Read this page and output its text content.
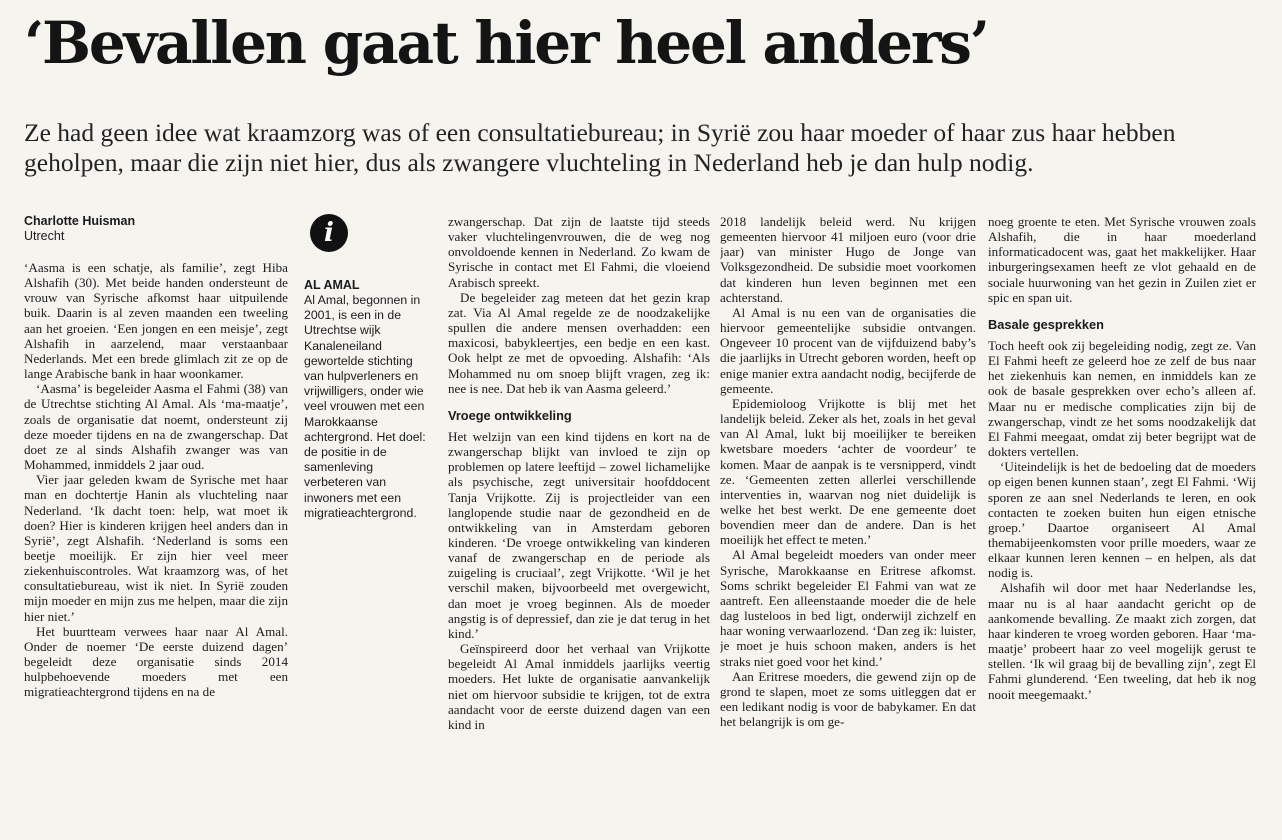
‘Bevallen gaat hier heel anders’

Ze had geen idee wat kraamzorg was of een consultatiebureau; in Syrië zou haar moeder of haar zus haar hebben geholpen, maar die zijn niet hier, dus als zwangere vluchteling in Nederland heb je dan hulp nodig.

Charlotte Huisman
Utrecht

‘Aasma is een schatje, als familie’, zegt Hiba Alshafih (30). Met beide handen ondersteunt de vrouw van Syrische afkomst haar uitpuilende buik. Daarin is al zeven maanden een tweeling aan het groeien. ‘Een jongen en een meisje’, zegt Alshafih in aarzelend, maar verstaanbaar Nederlands. Met een brede glimlach zit ze op de lange Arabische bank in haar woonkamer.

‘Aasma’ is begeleider Aasma el Fahmi (38) van de Utrechtse stichting Al Amal. Als ‘ma-maatje’, zoals de organisatie dat noemt, ondersteunt zij deze moeder tijdens en na de zwangerschap. Dat doet ze al sinds Alshafih zwanger was van Mohammed, inmiddels 2 jaar oud.

Vier jaar geleden kwam de Syrische met haar man en dochtertje Hanin als vluchteling naar Nederland. ‘Ik dacht toen: help, wat moet ik doen? Hier is kinderen krijgen heel anders dan in Syrië’, zegt Alshafih. ‘Nederland is soms een beetje moeilijk. Er zijn hier veel meer ziekenhuiscontroles. Wat kraamzorg was, of het consultatiebureau, wist ik niet. In Syrië zouden mijn moeder en mijn zus me helpen, maar die zijn hier niet.’

Het buurtteam verwees haar naar Al Amal. Onder de noemer ‘De eerste duizend dagen’ begeleidt deze organisatie sinds 2014 hulpbehoevende moeders met een migratieachtergrond tijdens en na de

i
AL AMAL

Al Amal, begonnen in 2001, is een in de Utrechtse wijk Kanaleneiland gewortelde stichting van hulpverleners en vrijwilligers, onder wie veel vrouwen met een Marokkaanse achtergrond. Het doel: de positie in de samenleving verbeteren van inwoners met een migratieachtergrond.

zwangerschap. Dat zijn de laatste tijd steeds vaker vluchtelingenvrouwen, die de weg nog onvoldoende kennen in Nederland. Zo kwam de Syrische in contact met El Fahmi, die vloeiend Arabisch spreekt.

De begeleider zag meteen dat het gezin krap zat. Via Al Amal regelde ze de noodzakelijke spullen die andere mensen overhadden: een maxicosi, babykleertjes, een bedje en een kast. Ook helpt ze met de opvoeding. Alshafih: ‘Als Mohammed nu om snoep blijft vragen, zeg ik: nee is nee. Dat heb ik van Aasma geleerd.’

Vroege ontwikkeling

Het welzijn van een kind tijdens en kort na de zwangerschap blijkt van invloed te zijn op problemen op latere leeftijd – zowel lichamelijke als psychische, zegt universitair hoofddocent Tanja Vrijkotte. Zij is projectleider van een langlopende studie naar de gezondheid en de ontwikkeling van in Amsterdam geboren kinderen. ‘De vroege ontwikkeling van kinderen vanaf de zwangerschap en de periode als zuigeling is cruciaal’, zegt Vrijkotte. ‘Wil je het verschil maken, bijvoorbeeld met overgewicht, dan moet je vroeg beginnen. Als de moeder angstig is of depressief, dan zie je dat terug in het kind.’

Geïnspireerd door het verhaal van Vrijkotte begeleidt Al Amal inmiddels jaarlijks veertig moeders. Het lukte de organisatie aanvankelijk niet om hiervoor subsidie te krijgen, tot de extra aandacht voor de eerste duizend dagen van een kind in

2018 landelijk beleid werd. Nu krijgen gemeenten hiervoor 41 miljoen euro (voor drie jaar) van minister Hugo de Jonge van Volksgezondheid. De subsidie moet voorkomen dat kinderen hun leven beginnen met een achterstand.

Al Amal is nu een van de organisaties die hiervoor gemeentelijke subsidie ontvangen. Ongeveer 10 procent van de vijfduizend baby’s die jaarlijks in Utrecht geboren worden, heeft op enige manier extra aandacht nodig, becijferde de gemeente.

Epidemioloog Vrijkotte is blij met het landelijk beleid. Zeker als het, zoals in het geval van Al Amal, lukt bij moeilijker te bereiken kwetsbare moeders ‘achter de voordeur’ te komen. Maar de aanpak is te versnipperd, vindt ze. ‘Gemeenten zetten allerlei verschillende interventies in, waarvan nog niet duidelijk is welke het best werkt. De ene gemeente doet bovendien meer dan de andere. Dan is het moeilijk het effect te meten.’

Al Amal begeleidt moeders van onder meer Syrische, Marokkaanse en Eritrese afkomst. Soms schrikt begeleider El Fahmi van wat ze aantreft. Een alleenstaande moeder die de hele dag lusteloos in bed ligt, onderwijl zichzelf en haar woning verwaarlozend. ‘Dan zeg ik: luister, je moet je huis schoon maken, anders is het straks niet goed voor het kind.’

Aan Eritrese moeders, die gewend zijn op de grond te slapen, moet ze soms uitleggen dat er een ledikant nodig is voor de babykamer. En dat het belangrijk is om ge-

noeg groente te eten. Met Syrische vrouwen zoals Alshafih, die in haar moederland informaticadocent was, gaat het makkelijker. Haar inburgeringsexamen heeft ze vlot gehaald en de sociale huurwoning van het gezin in Zuilen ziet er spic en span uit.

Basale gesprekken

Toch heeft ook zij begeleiding nodig, zegt ze. Van El Fahmi heeft ze geleerd hoe ze zelf de bus naar het ziekenhuis kan nemen, en inmiddels kan ze ook de basale gesprekken over echo’s alleen af. Maar nu er medische complicaties zijn bij de zwangerschap, vindt ze het soms noodzakelijk dat El Fahmi meegaat, omdat zij beter begrijpt wat de dokters vertellen.

‘Uiteindelijk is het de bedoeling dat de moeders op eigen benen kunnen staan’, zegt El Fahmi. ‘Wij sporen ze aan snel Nederlands te leren, en ook contacten te zoeken buiten hun eigen etnische groep.’ Daartoe organiseert Al Amal themabijeenkomsten voor prille moeders, waar ze elkaar kunnen leren kennen – en helpen, als dat nodig is.

Alshafih wil door met haar Nederlandse les, maar nu is al haar aandacht gericht op de aankomende bevalling. Ze maakt zich zorgen, dat haar kinderen te vroeg worden geboren. Haar ‘ma-maatje’ probeert haar zo veel mogelijk gerust te stellen. ‘Ik wil graag bij de bevalling zijn’, zegt El Fahmi glunderend. ‘Een tweeling, dat heb ik nog nooit meegemaakt.’
